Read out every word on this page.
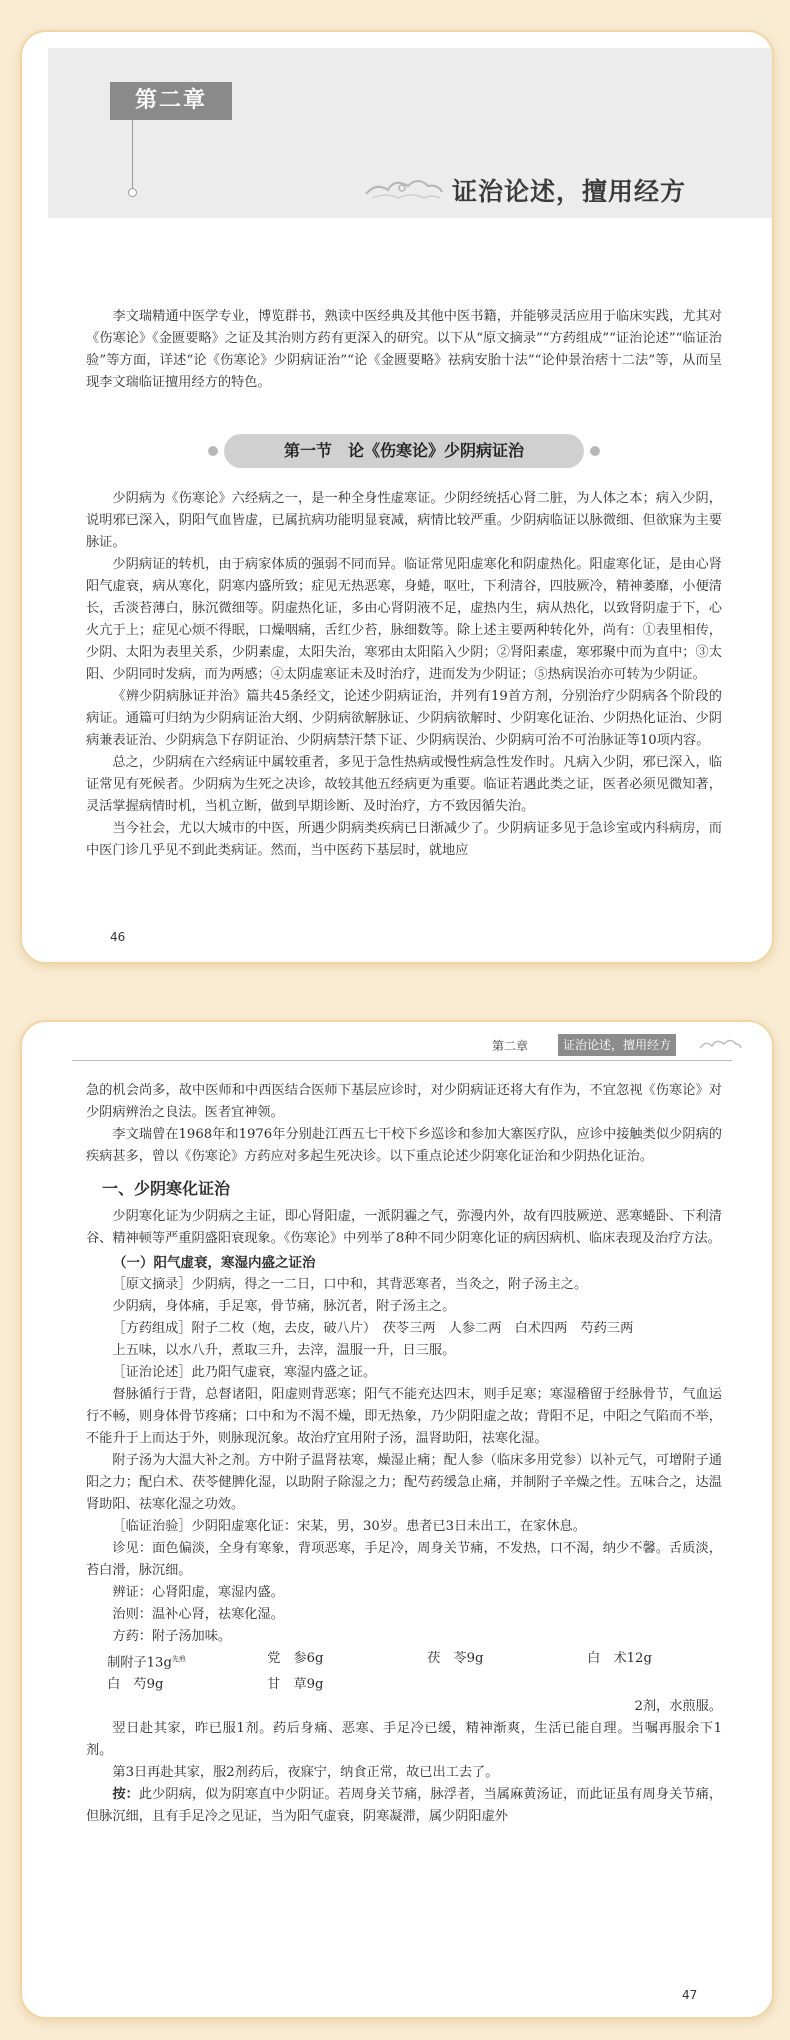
第二章
证治论述，擅用经方

李文瑞精通中医学专业，博览群书，熟读中医经典及其他中医书籍，并能够灵活应用于临床实践，尤其对《伤寒论》《金匮要略》之证及其治则方药有更深入的研究。以下从“原文摘录”“方药组成”“证治论述”“临证治验”等方面，详述“论《伤寒论》少阴病证治”“论《金匮要略》祛病安胎十法”“论仲景治痞十二法”等，从而呈现李文瑞临证擅用经方的特色。

第一节　论《伤寒论》少阴病证治

少阴病为《伤寒论》六经病之一，是一种全身性虚寒证。少阴经统括心肾二脏，为人体之本；病入少阴，说明邪已深入，阴阳气血皆虚，已属抗病功能明显衰减，病情比较严重。少阴病临证以脉微细、但欲寐为主要脉证。

少阴病证的转机，由于病家体质的强弱不同而异。临证常见阳虚寒化和阴虚热化。阳虚寒化证，是由心肾阳气虚衰，病从寒化，阴寒内盛所致；症见无热恶寒，身蜷，呕吐，下利清谷，四肢厥冷，精神萎靡，小便清长，舌淡苔薄白，脉沉微细等。阴虚热化证，多由心肾阴液不足，虚热内生，病从热化，以致肾阴虚于下，心火亢于上；症见心烦不得眠，口燥咽痛，舌红少苔，脉细数等。除上述主要两种转化外，尚有：①表里相传，少阴、太阳为表里关系，少阴素虚，太阳失治，寒邪由太阳陷入少阴；②肾阳素虚，寒邪聚中而为直中；③太阳、少阴同时发病，而为两感；④太阴虚寒证未及时治疗，进而发为少阴证；⑤热病误治亦可转为少阴证。

《辨少阴病脉证并治》篇共45条经文，论述少阴病证治，并列有19首方剂，分别治疗少阴病各个阶段的病证。通篇可归纳为少阴病证治大纲、少阴病欲解脉证、少阴病欲解时、少阴寒化证治、少阴热化证治、少阴病兼表证治、少阴病急下存阴证治、少阴病禁汗禁下证、少阴病误治、少阴病可治不可治脉证等10项内容。

总之，少阴病在六经病证中属较重者，多见于急性热病或慢性病急性发作时。凡病入少阴，邪已深入，临证常见有死候者。少阴病为生死之决诊，故较其他五经病更为重要。临证若遇此类之证，医者必须见微知著，灵活掌握病情时机，当机立断，做到早期诊断、及时治疗，方不致因循失治。

当今社会，尤以大城市的中医，所遇少阴病类疾病已日渐减少了。少阴病证多见于急诊室或内科病房，而中医门诊几乎见不到此类病证。然而，当中医药下基层时，就地应

46
第二章	证治论述，擅用经方

急的机会尚多，故中医师和中西医结合医师下基层应诊时，对少阴病证还将大有作为，不宜忽视《伤寒论》对少阴病辨治之良法。医者宜神领。

李文瑞曾在1968年和1976年分别赴江西五七干校下乡巡诊和参加大寨医疗队，应诊中接触类似少阴病的疾病甚多，曾以《伤寒论》方药应对多起生死决诊。以下重点论述少阴寒化证治和少阴热化证治。

一、少阴寒化证治

少阴寒化证为少阴病之主证，即心肾阳虚，一派阴霾之气，弥漫内外，故有四肢厥逆、恶寒蜷卧、下利清谷、精神顿等严重阴盛阳衰现象。《伤寒论》中列举了8种不同少阴寒化证的病因病机、临床表现及治疗方法。

（一）阳气虚衰，寒湿内盛之证治

［原文摘录］少阴病，得之一二日，口中和，其背恶寒者，当灸之，附子汤主之。

少阴病，身体痛，手足寒，骨节痛，脉沉者，附子汤主之。

［方药组成］附子二枚（炮，去皮，破八片）　茯苓三两　人参二两　白术四两　芍药三两

上五味，以水八升，煮取三升，去滓，温服一升，日三服。

［证治论述］此乃阳气虚衰，寒湿内盛之证。

督脉循行于背，总督诸阳，阳虚则背恶寒；阳气不能充达四末，则手足寒；寒湿稽留于经脉骨节，气血运行不畅，则身体骨节疼痛；口中和为不渴不燥，即无热象，乃少阴阳虚之故；背阳不足，中阳之气陷而不举，不能升于上而达于外，则脉现沉象。故治疗宜用附子汤，温肾助阳，祛寒化湿。

附子汤为大温大补之剂。方中附子温肾祛寒，燥湿止痛；配人参（临床多用党参）以补元气，可增附子通阳之力；配白术、茯苓健脾化湿，以助附子除湿之力；配芍药缓急止痛，并制附子辛燥之性。五味合之，达温肾助阳、祛寒化湿之功效。

［临证治验］少阴阳虚寒化证：宋某，男，30岁。患者已3日未出工，在家休息。

诊见：面色偏淡，全身有寒象，背项恶寒，手足冷，周身关节痛，不发热，口不渴，纳少不馨。舌质淡，苔白滑，脉沉细。

辨证：心肾阳虚，寒湿内盛。

治则：温补心肾，祛寒化湿。

方药：附子汤加味。

制附子$13g^{先煎}$	党　参6g	茯　苓9g	白　术12g
白　芍9g	甘　草9g
2剂，水煎服。

翌日赴其家，昨已服1剂。药后身痛、恶寒、手足冷已缓，精神渐爽，生活已能自理。当嘱再服余下1剂。

第3日再赴其家，服2剂药后，夜寐宁，纳食正常，故已出工去了。

按：此少阴病，似为阴寒直中少阴证。若周身关节痛，脉浮者，当属麻黄汤证，而此证虽有周身关节痛，但脉沉细，且有手足冷之见证，当为阳气虚衰，阴寒凝滞，属少阴阳虚外

47
